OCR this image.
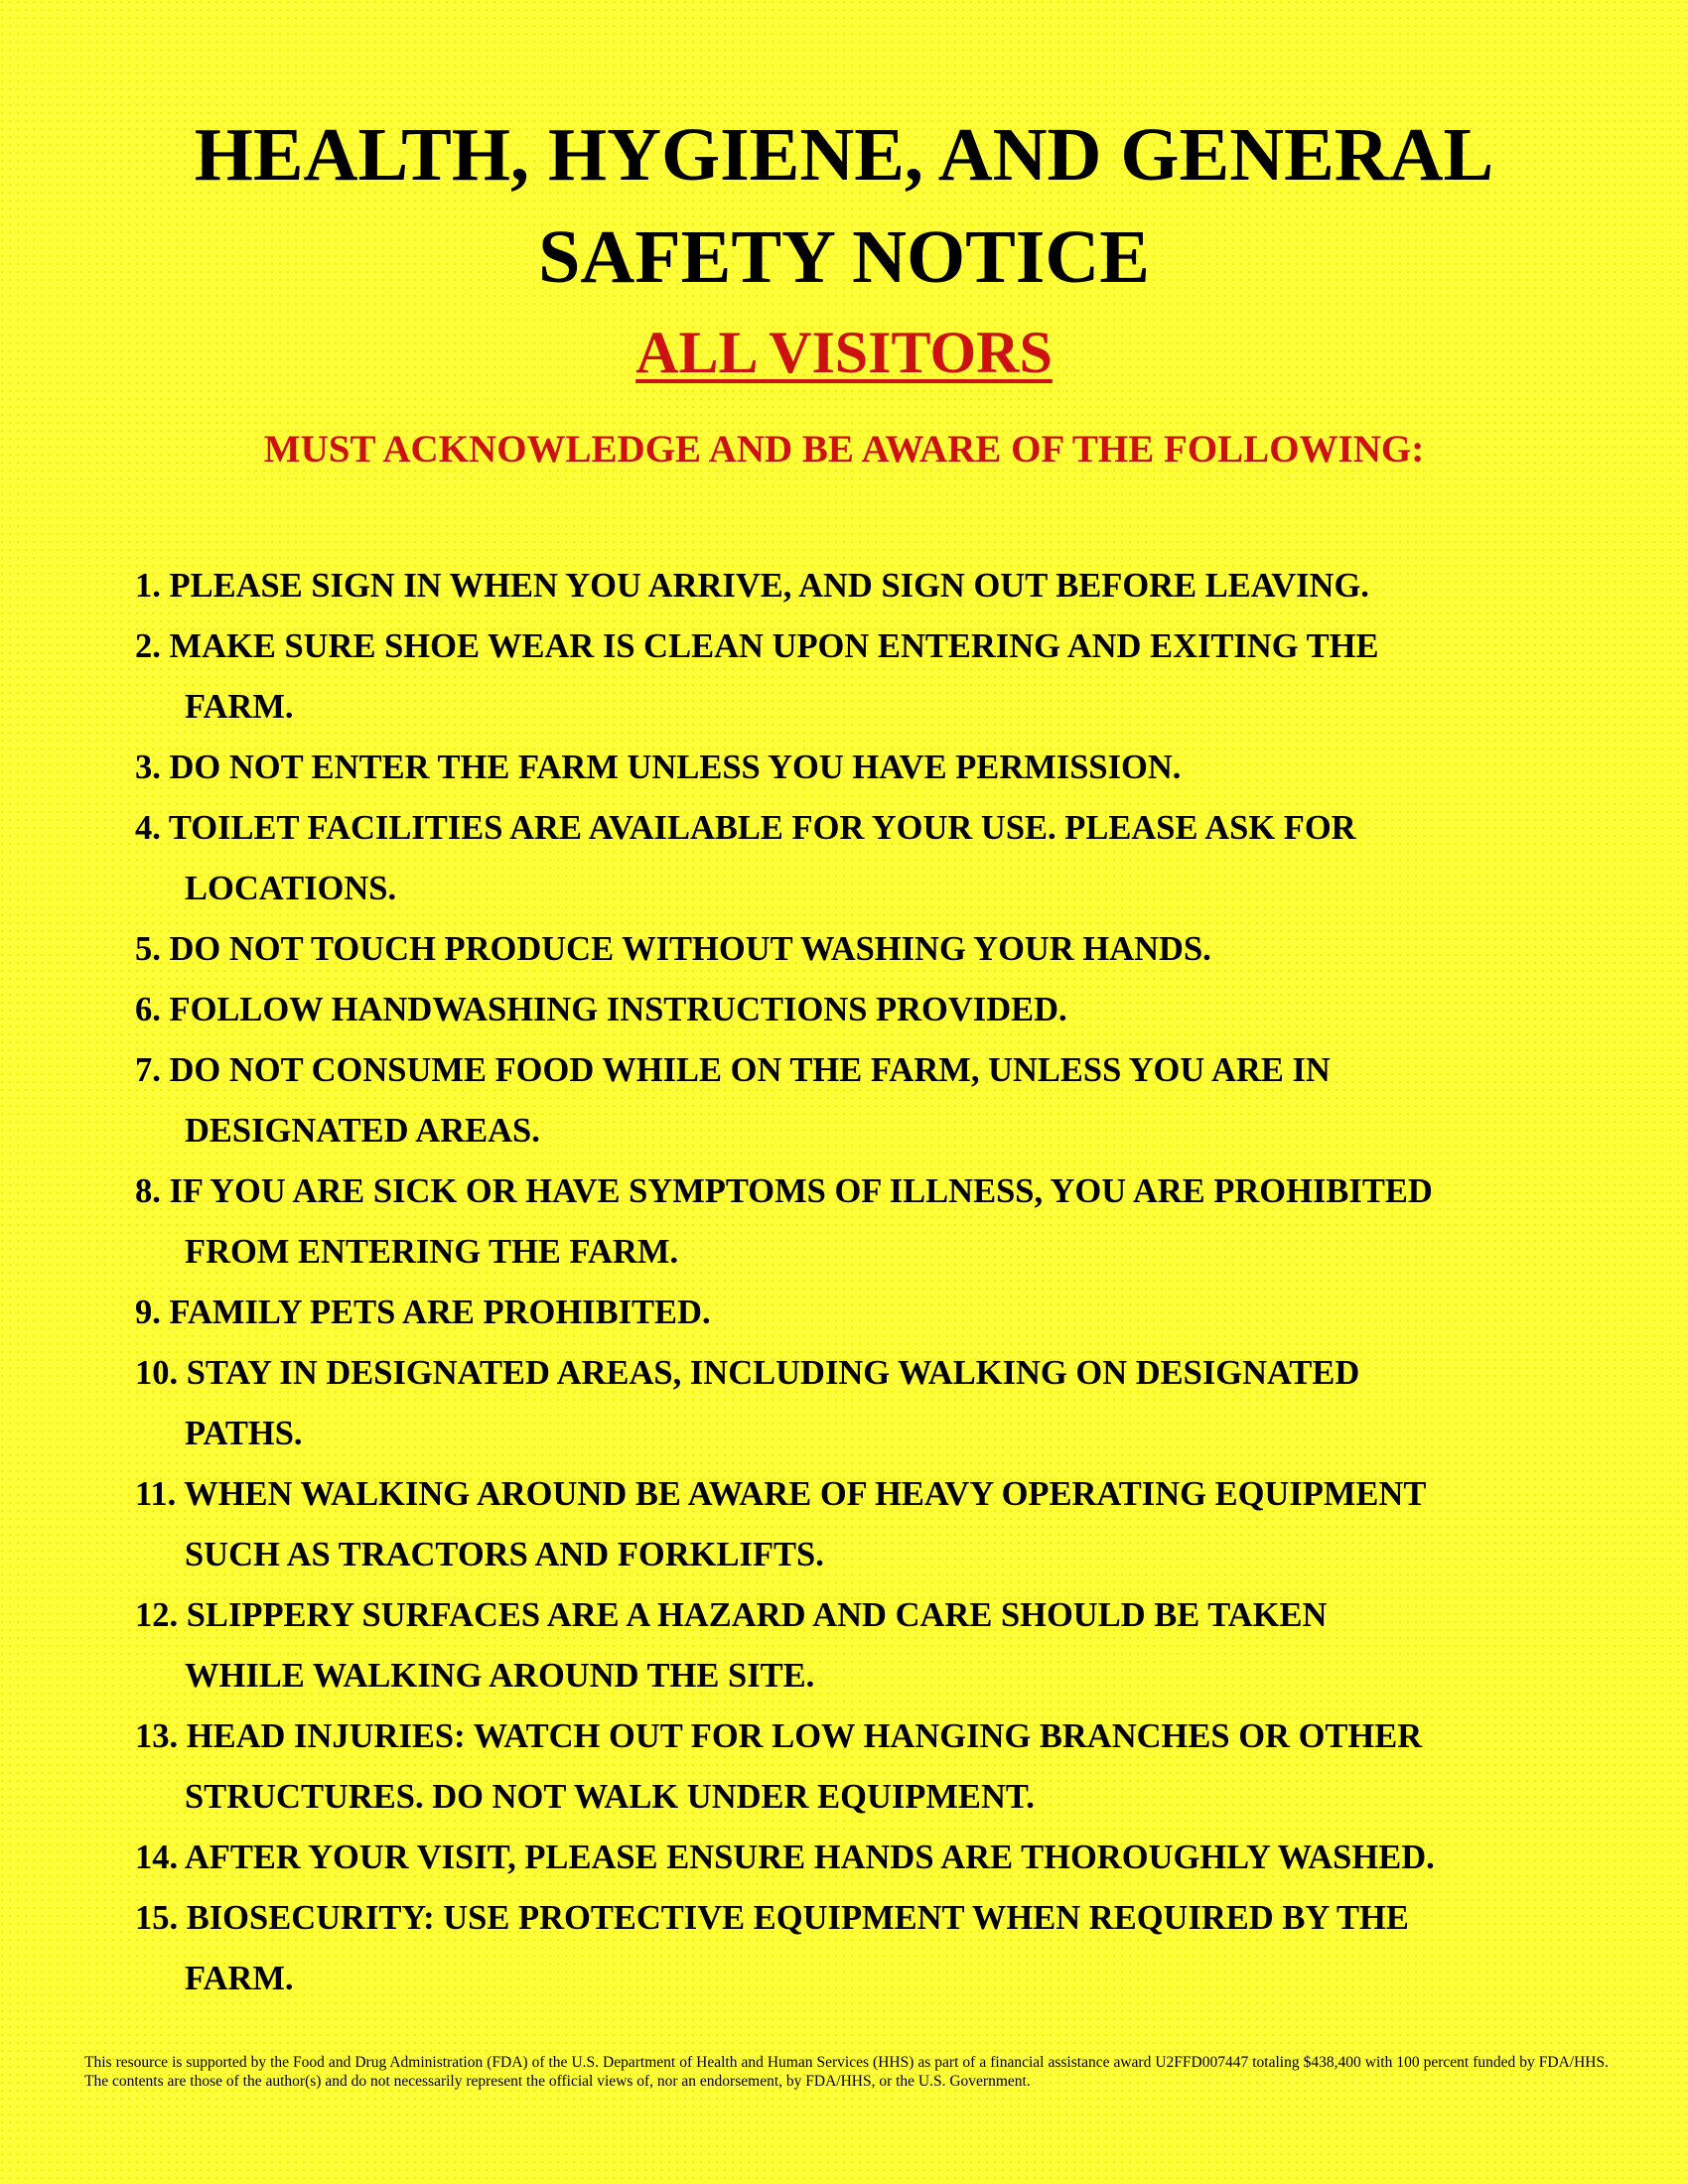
HEALTH, HYGIENE, AND GENERAL
SAFETY NOTICE
ALL VISITORS
MUST ACKNOWLEDGE AND BE AWARE OF THE FOLLOWING:
1. PLEASE SIGN IN WHEN YOU ARRIVE, AND SIGN OUT BEFORE LEAVING.
2. MAKE SURE SHOE WEAR IS CLEAN UPON ENTERING AND EXITING THE
FARM.
3. DO NOT ENTER THE FARM UNLESS YOU HAVE PERMISSION.
4. TOILET FACILITIES ARE AVAILABLE FOR YOUR USE. PLEASE ASK FOR
LOCATIONS.
5. DO NOT TOUCH PRODUCE WITHOUT WASHING YOUR HANDS.
6. FOLLOW HANDWASHING INSTRUCTIONS PROVIDED.
7. DO NOT CONSUME FOOD WHILE ON THE FARM, UNLESS YOU ARE IN
DESIGNATED AREAS.
8. IF YOU ARE SICK OR HAVE SYMPTOMS OF ILLNESS, YOU ARE PROHIBITED
FROM ENTERING THE FARM.
9. FAMILY PETS ARE PROHIBITED.
10. STAY IN DESIGNATED AREAS, INCLUDING WALKING ON DESIGNATED
PATHS.
11. WHEN WALKING AROUND BE AWARE OF HEAVY OPERATING EQUIPMENT
SUCH AS TRACTORS AND FORKLIFTS.
12. SLIPPERY SURFACES ARE A HAZARD AND CARE SHOULD BE TAKEN
WHILE WALKING AROUND THE SITE.
13. HEAD INJURIES: WATCH OUT FOR LOW HANGING BRANCHES OR OTHER
STRUCTURES. DO NOT WALK UNDER EQUIPMENT.
14. AFTER YOUR VISIT, PLEASE ENSURE HANDS ARE THOROUGHLY WASHED.
15. BIOSECURITY: USE PROTECTIVE EQUIPMENT WHEN REQUIRED BY THE
FARM.

This resource is supported by the Food and Drug Administration (FDA) of the U.S. Department of Health and Human Services (HHS) as part of a financial assistance award U2FFD007447 totaling $438,400 with 100 percent funded by FDA/HHS. The contents are those of the author(s) and do not necessarily represent the official views of, nor an endorsement, by FDA/HHS, or the U.S. Government.
